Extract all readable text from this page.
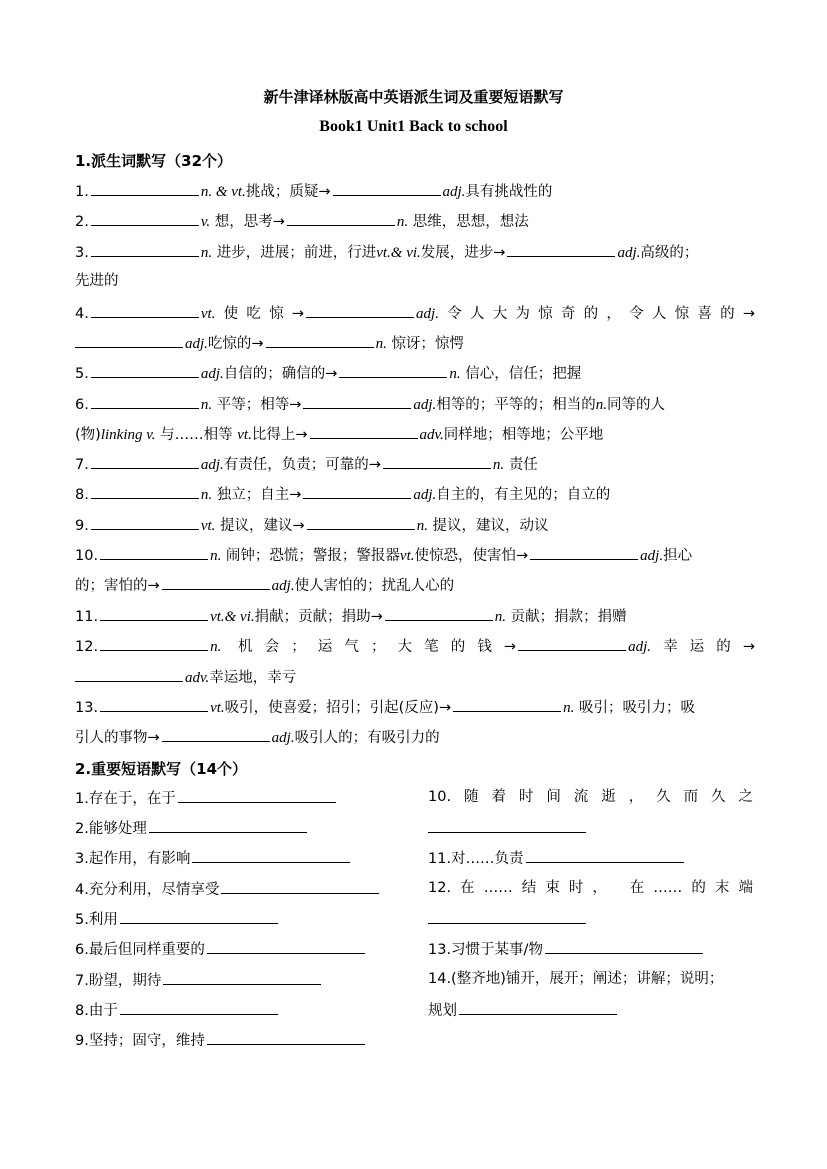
新牛津译林版高中英语派生词及重要短语默写
Book1 Unit1 Back to school
1.派生词默写（32个）
1.	n. & vt.挑战；质疑→	adj.具有挑战性的
2.	v. 想，思考→	n. 思维，思想，想法
3.	n. 进步，进展；前进，行进vt.& vi.发展，进步→	adj.高级的；
先进的
4.	vt.使吃惊→	adj.令人大为惊奇的，令人惊喜的→
adj.吃惊的→	n. 惊讶；惊愕
5.	adj.自信的；确信的→	n. 信心，信任；把握
6.	n. 平等；相等→	adj.相等的；平等的；相当的n.同等的人
(物)linking v. 与……相等 vt.比得上→	adv.同样地；相等地；公平地
7.	adj.有责任，负责；可靠的→	n. 责任
8.	n. 独立；自主→	adj.自主的，有主见的；自立的
9.	vt. 提议，建议→	n. 提议，建议，动议
10.	n. 闹钟；恐慌；警报；警报器vt.使惊恐，使害怕→	adj.担心
的；害怕的→	adj.使人害怕的；扰乱人心的
11.	vt.& vi.捐献；贡献；捐助→	n. 贡献；捐款；捐赠
12.	n. 机会；运气；大笔的钱→	adj.幸运的→
adv.幸运地，幸亏
13.	vt.吸引，使喜爱；招引；引起(反应)→	n. 吸引；吸引力；吸
引人的事物→	adj.吸引人的；有吸引力的
2.重要短语默写（14个）
1.存在于，在于
2.能够处理
3.起作用，有影响
4.充分利用，尽情享受
5.利用
6.最后但同样重要的
7.盼望，期待
8.由于
9.坚持；固守，维持
10.随着时间流逝，久而久之
11.对……负责
12.在……结束时， 在……的末端
13.习惯于某事/物
14.(整齐地)铺开，展开；阐述；讲解；说明；
规划
